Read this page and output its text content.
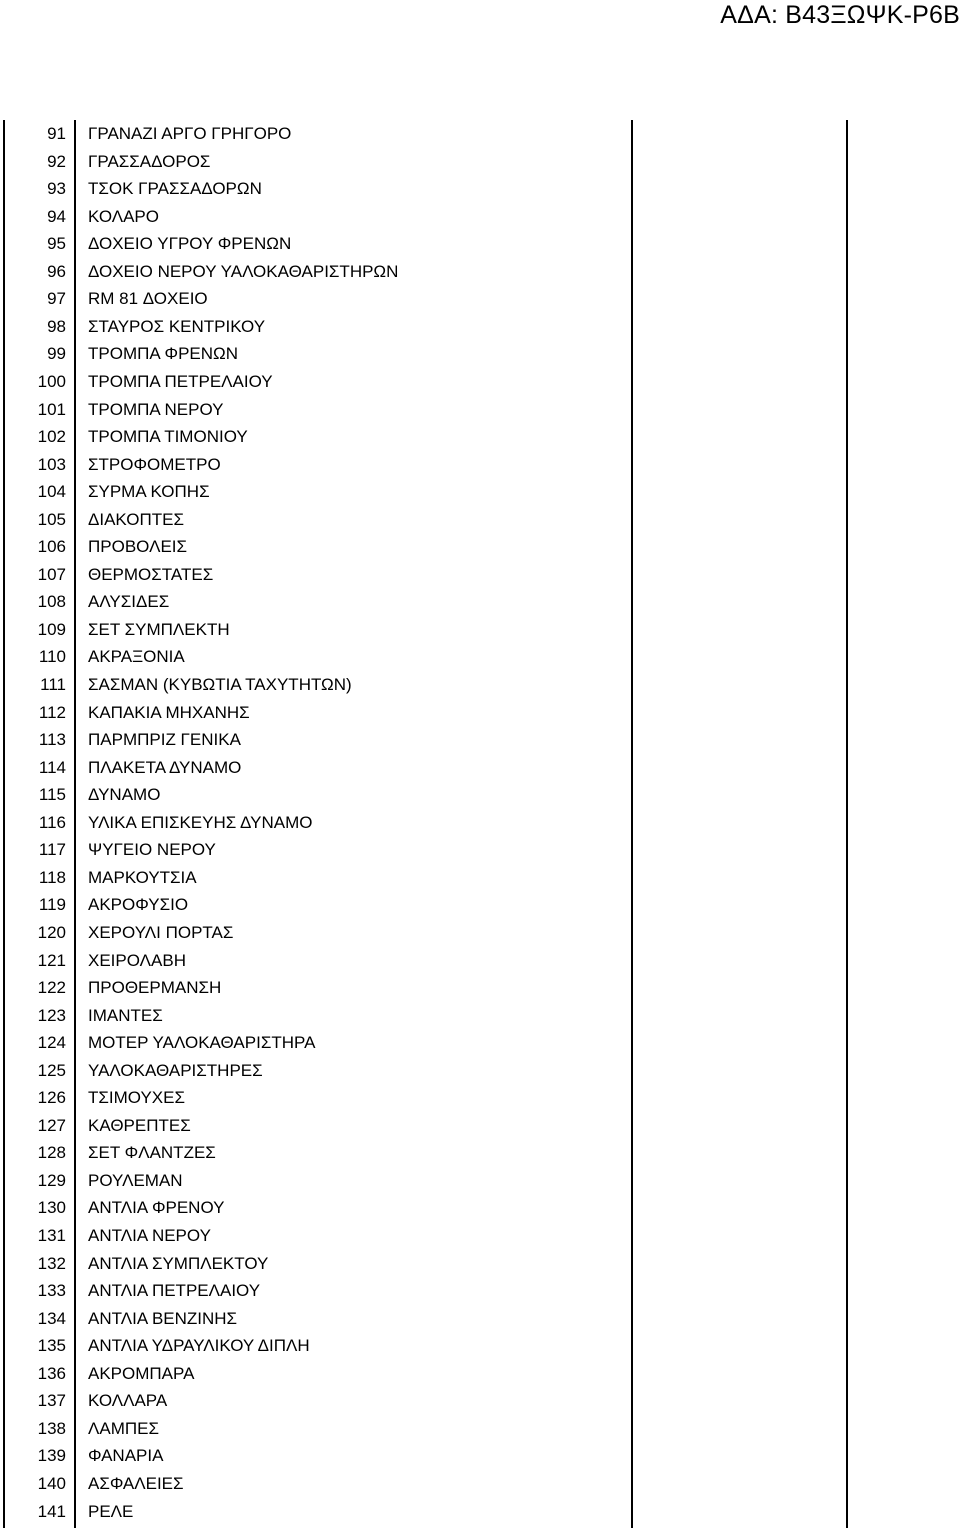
ΑΔΑ: Β43ΞΩΨΚ-Ρ6Β
91 ΓΡΑΝΑΖΙ ΑΡΓΟ ΓΡΗΓΟΡΟ
92 ΓΡΑΣΣΑΔΟΡΟΣ
93 ΤΣΟΚ ΓΡΑΣΣΑΔΟΡΩΝ
94 ΚΟΛΑΡΟ
95 ΔΟΧΕΙΟ ΥΓΡΟΥ ΦΡΕΝΩΝ
96 ΔΟΧΕΙΟ ΝΕΡΟΥ ΥΑΛΟΚΑΘΑΡΙΣΤΗΡΩΝ
97 RM 81 ΔΟΧΕΙΟ
98 ΣΤΑΥΡΟΣ ΚΕΝΤΡΙΚΟΥ
99 ΤΡΟΜΠΑ ΦΡΕΝΩΝ
100 ΤΡΟΜΠΑ ΠΕΤΡΕΛΑΙΟΥ
101 ΤΡΟΜΠΑ ΝΕΡΟΥ
102 ΤΡΟΜΠΑ ΤΙΜΟΝΙΟΥ
103 ΣΤΡΟΦΟΜΕΤΡΟ
104 ΣΥΡΜΑ ΚΟΠΗΣ
105 ΔΙΑΚΟΠΤΕΣ
106 ΠΡΟΒΟΛΕΙΣ
107 ΘΕΡΜΟΣΤΑΤΕΣ
108 ΑΛΥΣΙΔΕΣ
109 ΣΕΤ ΣΥΜΠΛΕΚΤΗ
110 ΑΚΡΑΞΟΝΙΑ
111 ΣΑΣΜΑΝ (ΚΥΒΩΤΙΑ ΤΑΧΥΤΗΤΩΝ)
112 ΚΑΠΑΚΙΑ ΜΗΧΑΝΗΣ
113 ΠΑΡΜΠΡΙΖ ΓΕΝΙΚΑ
114 ΠΛΑΚΕΤΑ ΔΥΝΑΜΟ
115 ΔΥΝΑΜΟ
116 ΥΛΙΚΑ ΕΠΙΣΚΕΥΗΣ ΔΥΝΑΜΟ
117 ΨΥΓΕΙΟ ΝΕΡΟΥ
118 ΜΑΡΚΟΥΤΣΙΑ
119 ΑΚΡΟΦΥΣΙΟ
120 ΧΕΡΟΥΛΙ ΠΟΡΤΑΣ
121 ΧΕΙΡΟΛΑΒΗ
122 ΠΡΟΘΕΡΜΑΝΣΗ
123 ΙΜΑΝΤΕΣ
124 ΜΟΤΕΡ ΥΑΛΟΚΑΘΑΡΙΣΤΗΡΑ
125 ΥΑΛΟΚΑΘΑΡΙΣΤΗΡΕΣ
126 ΤΣΙΜΟΥΧΕΣ
127 ΚΑΘΡΕΠΤΕΣ
128 ΣΕΤ ΦΛΑΝΤΖΕΣ
129 ΡΟΥΛΕΜΑΝ
130 ΑΝΤΛΙΑ ΦΡΕΝΟΥ
131 ΑΝΤΛΙΑ ΝΕΡΟΥ
132 ΑΝΤΛΙΑ ΣΥΜΠΛΕΚΤΟΥ
133 ΑΝΤΛΙΑ ΠΕΤΡΕΛΑΙΟΥ
134 ΑΝΤΛΙΑ ΒΕΝΖΙΝΗΣ
135 ΑΝΤΛΙΑ ΥΔΡΑΥΛΙΚΟΥ ΔΙΠΛΗ
136 ΑΚΡΟΜΠΑΡΑ
137 ΚΟΛΛΑΡΑ
138 ΛΑΜΠΕΣ
139 ΦΑΝΑΡΙΑ
140 ΑΣΦΑΛΕΙΕΣ
141 ΡΕΛΕ
